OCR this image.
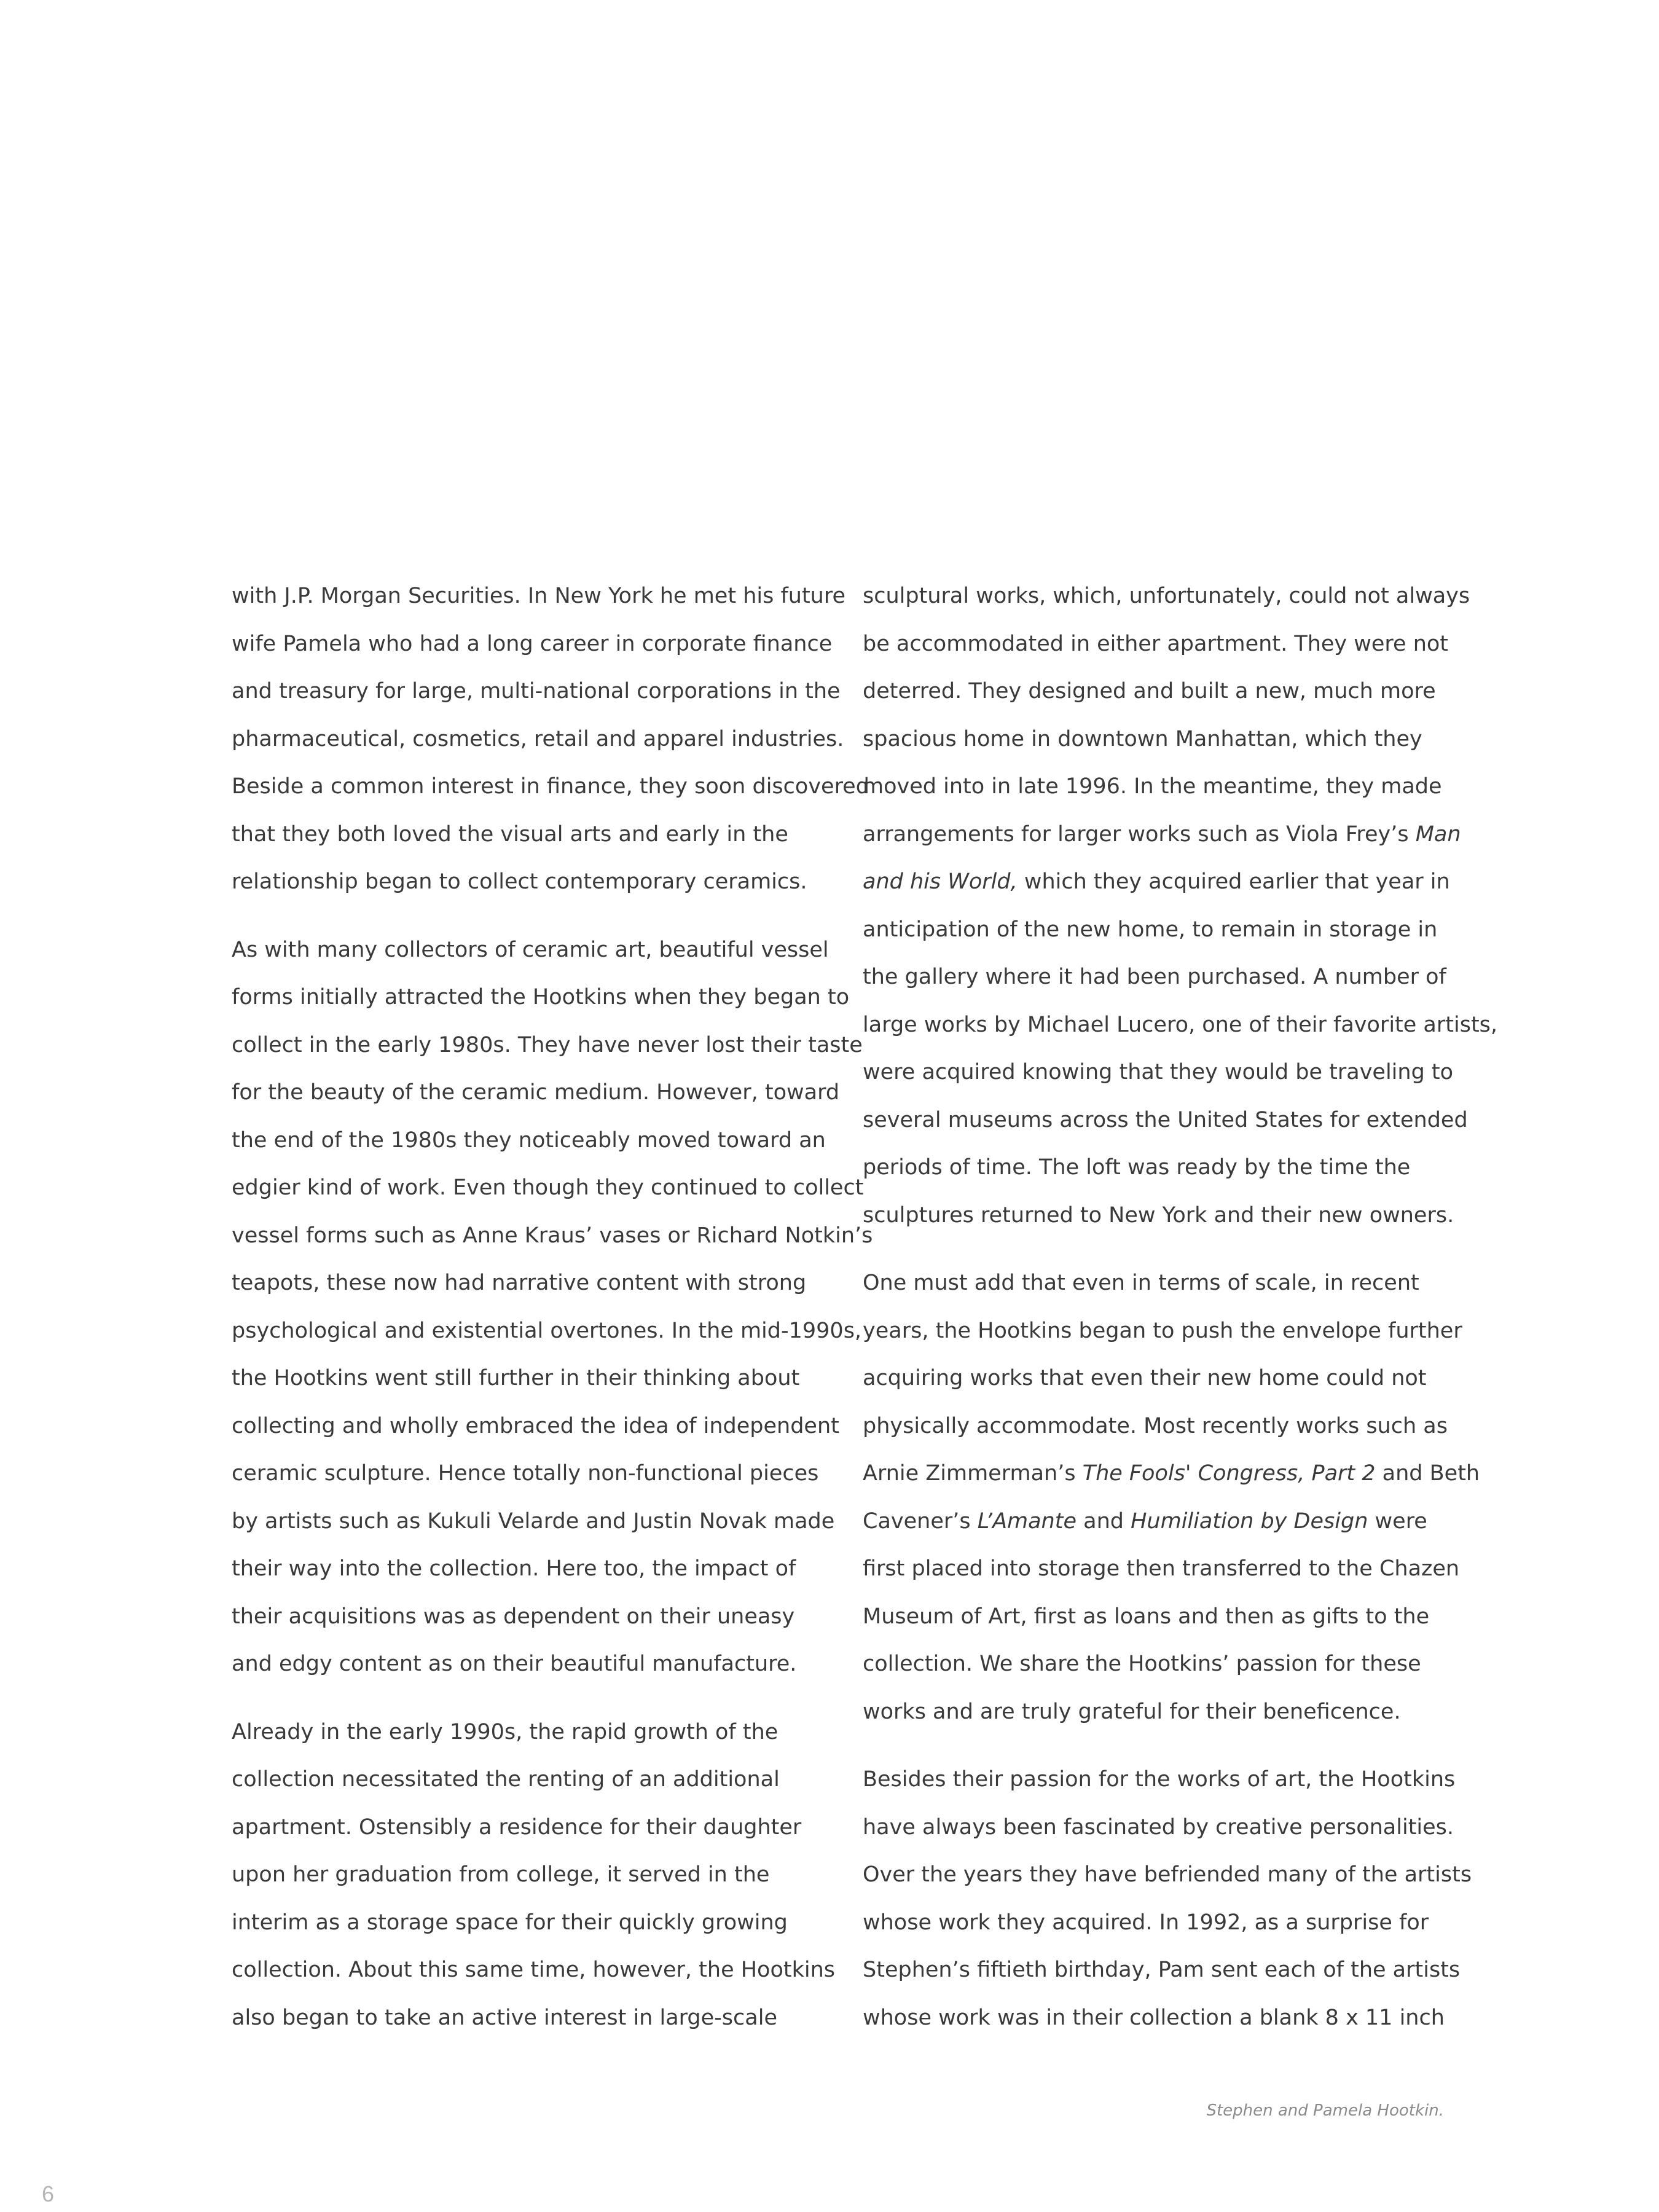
with J.P. Morgan Securities. In New York he met his future
wife Pamela who had a long career in corporate finance
and treasury for large, multi-national corporations in the
pharmaceutical, cosmetics, retail and apparel industries.
Beside a common interest in finance, they soon discovered
that they both loved the visual arts and early in the
relationship began to collect contemporary ceramics.

As with many collectors of ceramic art, beautiful vessel
forms initially attracted the Hootkins when they began to
collect in the early 1980s. They have never lost their taste
for the beauty of the ceramic medium. However, toward
the end of the 1980s they noticeably moved toward an
edgier kind of work. Even though they continued to collect
vessel forms such as Anne Kraus’ vases or Richard Notkin’s
teapots, these now had narrative content with strong
psychological and existential overtones. In the mid-1990s,
the Hootkins went still further in their thinking about
collecting and wholly embraced the idea of independent
ceramic sculpture. Hence totally non-functional pieces
by artists such as Kukuli Velarde and Justin Novak made
their way into the collection. Here too, the impact of
their acquisitions was as dependent on their uneasy
and edgy content as on their beautiful manufacture.

Already in the early 1990s, the rapid growth of the
collection necessitated the renting of an additional
apartment. Ostensibly a residence for their daughter
upon her graduation from college, it served in the
interim as a storage space for their quickly growing
collection. About this same time, however, the Hootkins
also began to take an active interest in large-scale

sculptural works, which, unfortunately, could not always
be accommodated in either apartment. They were not
deterred. They designed and built a new, much more
spacious home in downtown Manhattan, which they
moved into in late 1996. In the meantime, they made
arrangements for larger works such as Viola Frey’s Man
and his World, which they acquired earlier that year in
anticipation of the new home, to remain in storage in
the gallery where it had been purchased. A number of
large works by Michael Lucero, one of their favorite artists,
were acquired knowing that they would be traveling to
several museums across the United States for extended
periods of time. The loft was ready by the time the
sculptures returned to New York and their new owners.

One must add that even in terms of scale, in recent
years, the Hootkins began to push the envelope further
acquiring works that even their new home could not
physically accommodate. Most recently works such as
Arnie Zimmerman’s The Fools' Congress, Part 2 and Beth
Cavener’s L’Amante and Humiliation by Design were
first placed into storage then transferred to the Chazen
Museum of Art, first as loans and then as gifts to the
collection. We share the Hootkins’ passion for these
works and are truly grateful for their beneficence.

Besides their passion for the works of art, the Hootkins
have always been fascinated by creative personalities.
Over the years they have befriended many of the artists
whose work they acquired. In 1992, as a surprise for
Stephen’s fiftieth birthday, Pam sent each of the artists
whose work was in their collection a blank 8 x 11 inch

Stephen and Pamela Hootkin.
6
